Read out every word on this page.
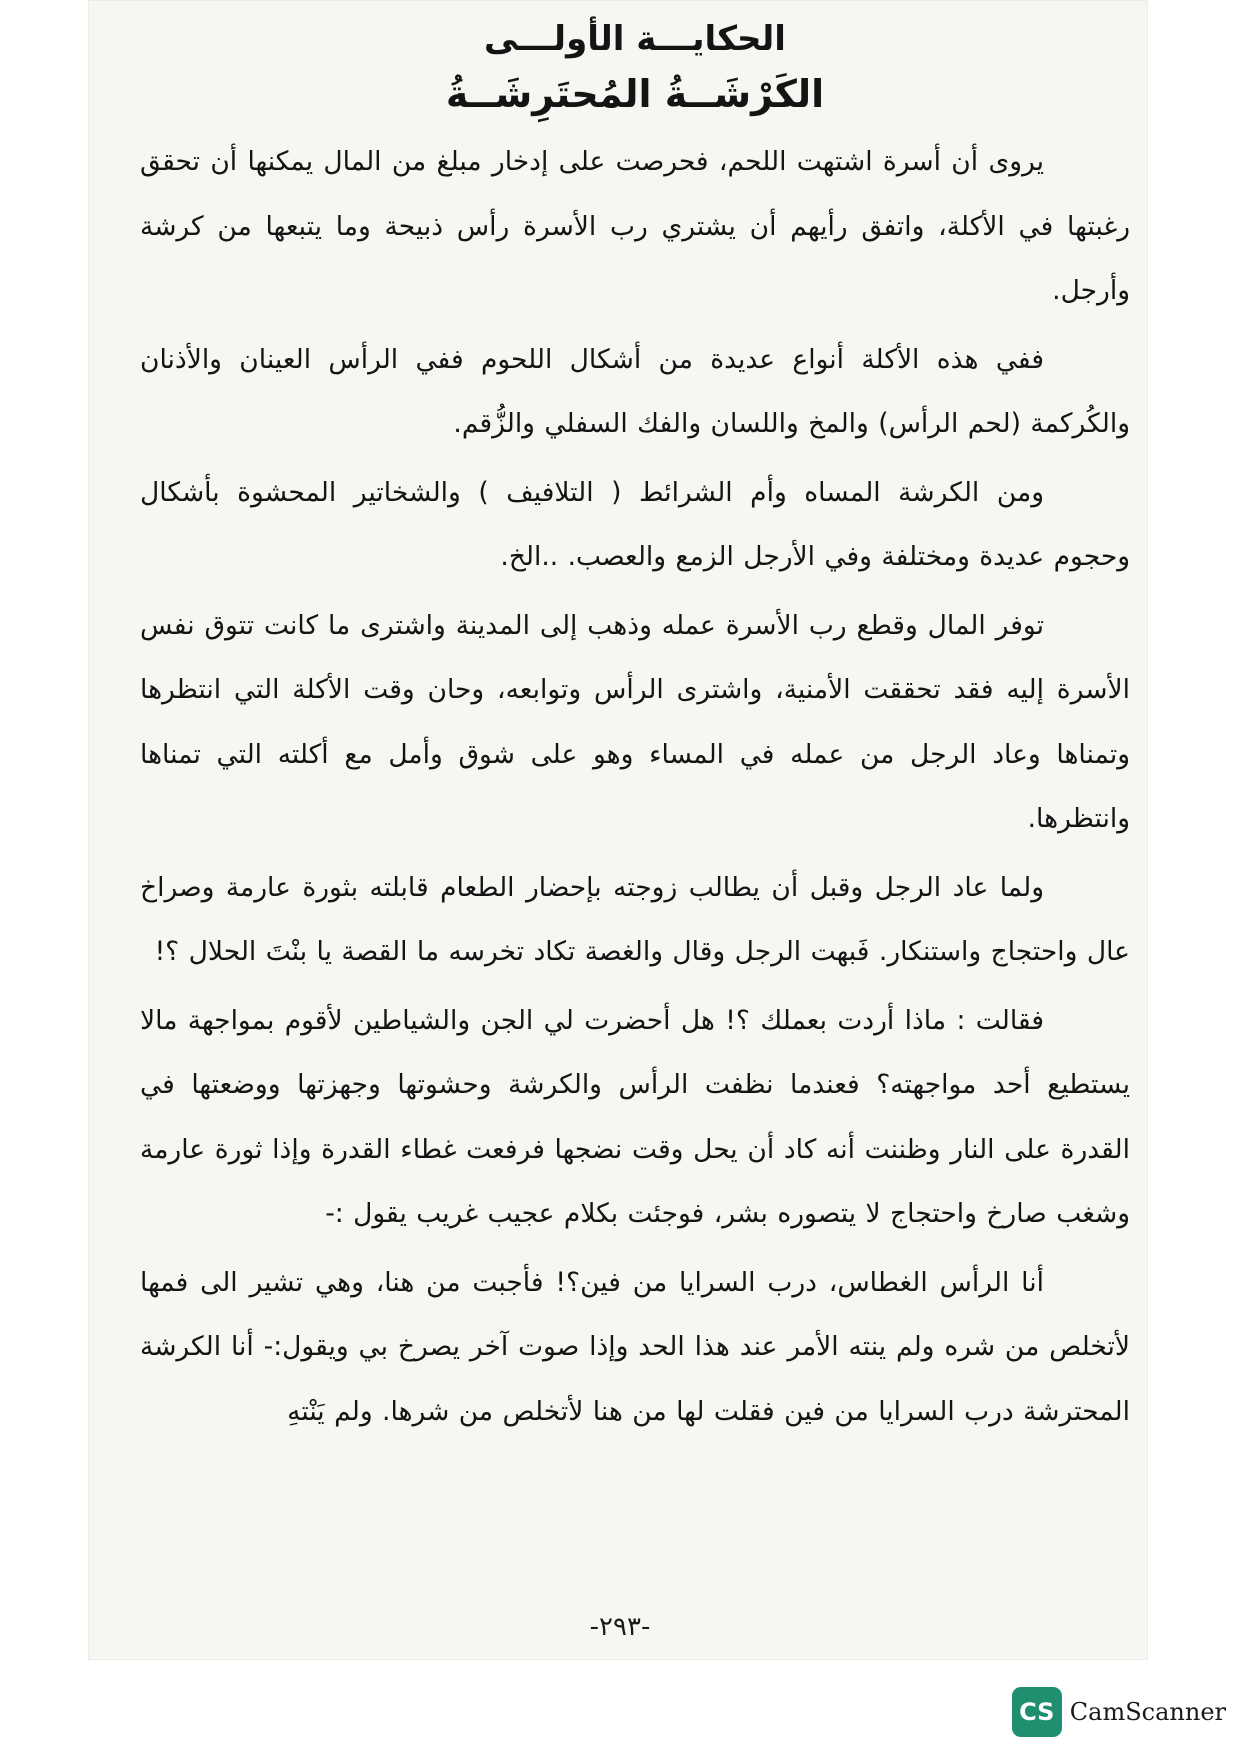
الحكايـــة الأولـــى
الكَرْشَــةُ المُحتَرِشَــةُ

يروى أن أسرة اشتهت اللحم، فحرصت على إدخار مبلغ من المال يمكنها أن تحقق رغبتها في الأكلة، واتفق رأيهم أن يشتري رب الأسرة رأس ذبيحة وما يتبعها من كرشة وأرجل.

ففي هذه الأكلة أنواع عديدة من أشكال اللحوم ففي الرأس العينان والأذنان والكُركمة (لحم الرأس) والمخ واللسان والفك السفلي والزُّقم.

ومن الكرشة المساه وأم الشرائط ( التلافيف ) والشخاتير المحشوة بأشكال وحجوم عديدة ومختلفة وفي الأرجل الزمع والعصب. ..الخ.

توفر المال وقطع رب الأسرة عمله وذهب إلى المدينة واشترى ما كانت تتوق نفس الأسرة إليه فقد تحققت الأمنية، واشترى الرأس وتوابعه، وحان وقت الأكلة التي انتظرها وتمناها وعاد الرجل من عمله في المساء وهو على شوق وأمل مع أكلته التي تمناها وانتظرها.

ولما عاد الرجل وقبل أن يطالب زوجته بإحضار الطعام قابلته بثورة عارمة وصراخ عال واحتجاج واستنكار. فَبهت الرجل وقال والغصة تكاد تخرسه ما القصة يا بنْتَ الحلال ؟!

فقالت : ماذا أردت بعملك ؟! هل أحضرت لي الجن والشياطين لأقوم بمواجهة مالا يستطيع أحد مواجهته؟ فعندما نظفت الرأس والكرشة وحشوتها وجهزتها ووضعتها في القدرة على النار وظننت أنه كاد أن يحل وقت نضجها فرفعت غطاء القدرة وإذا ثورة عارمة وشغب صارخ واحتجاج لا يتصوره بشر، فوجئت بكلام عجيب غريب يقول :-

أنا الرأس الغطاس، درب السرايا من فين؟! فأجبت من هنا، وهي تشير الى فمها لأتخلص من شره ولم ينته الأمر عند هذا الحد وإذا صوت آخر يصرخ بي ويقول:- أنا الكرشة المحترشة درب السرايا من فين فقلت لها من هنا لأتخلص من شرها. ولم يَنْتهِ

-٢٩٣-
CS CamScanner
